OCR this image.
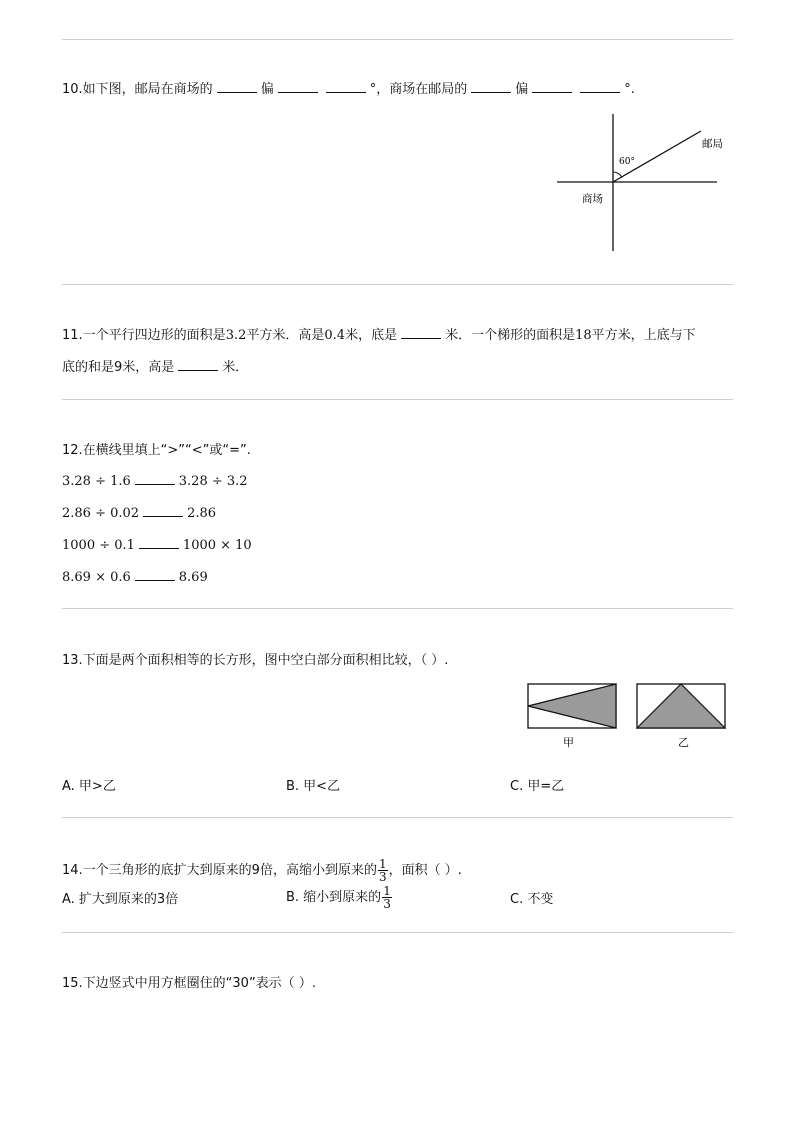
10.如下图，邮局在商场的	偏	°，商场在邮局的	偏	°.
60°
邮局
商场
11.一个平行四边形的面积是3.2平方米．高是0.4米，底是	米．一个梯形的面积是18平方米，上底与下
底的和是9米，高是	米．
12.在横线里填上“>”“<”或“=”.
3.28 ÷ 1.6	3.28 ÷ 3.2
2.86 ÷ 0.02	2.86
1000 ÷ 0.1	1000 × 10
8.69 × 0.6	8.69
13.下面是两个面积相等的长方形，图中空白部分面积相比较，（ ）.
甲	乙
A. 甲>乙	B. 甲<乙	C. 甲=乙
14.一个三角形的底扩大到原来的9倍，高缩小到原来的 $\frac{1}{3}$ ，面积（ ）.
A. 扩大到原来的3倍	B. 缩小到原来的 $\frac{1}{3}$	C. 不变
15.下边竖式中用方框圈住的“30”表示（ ）.
